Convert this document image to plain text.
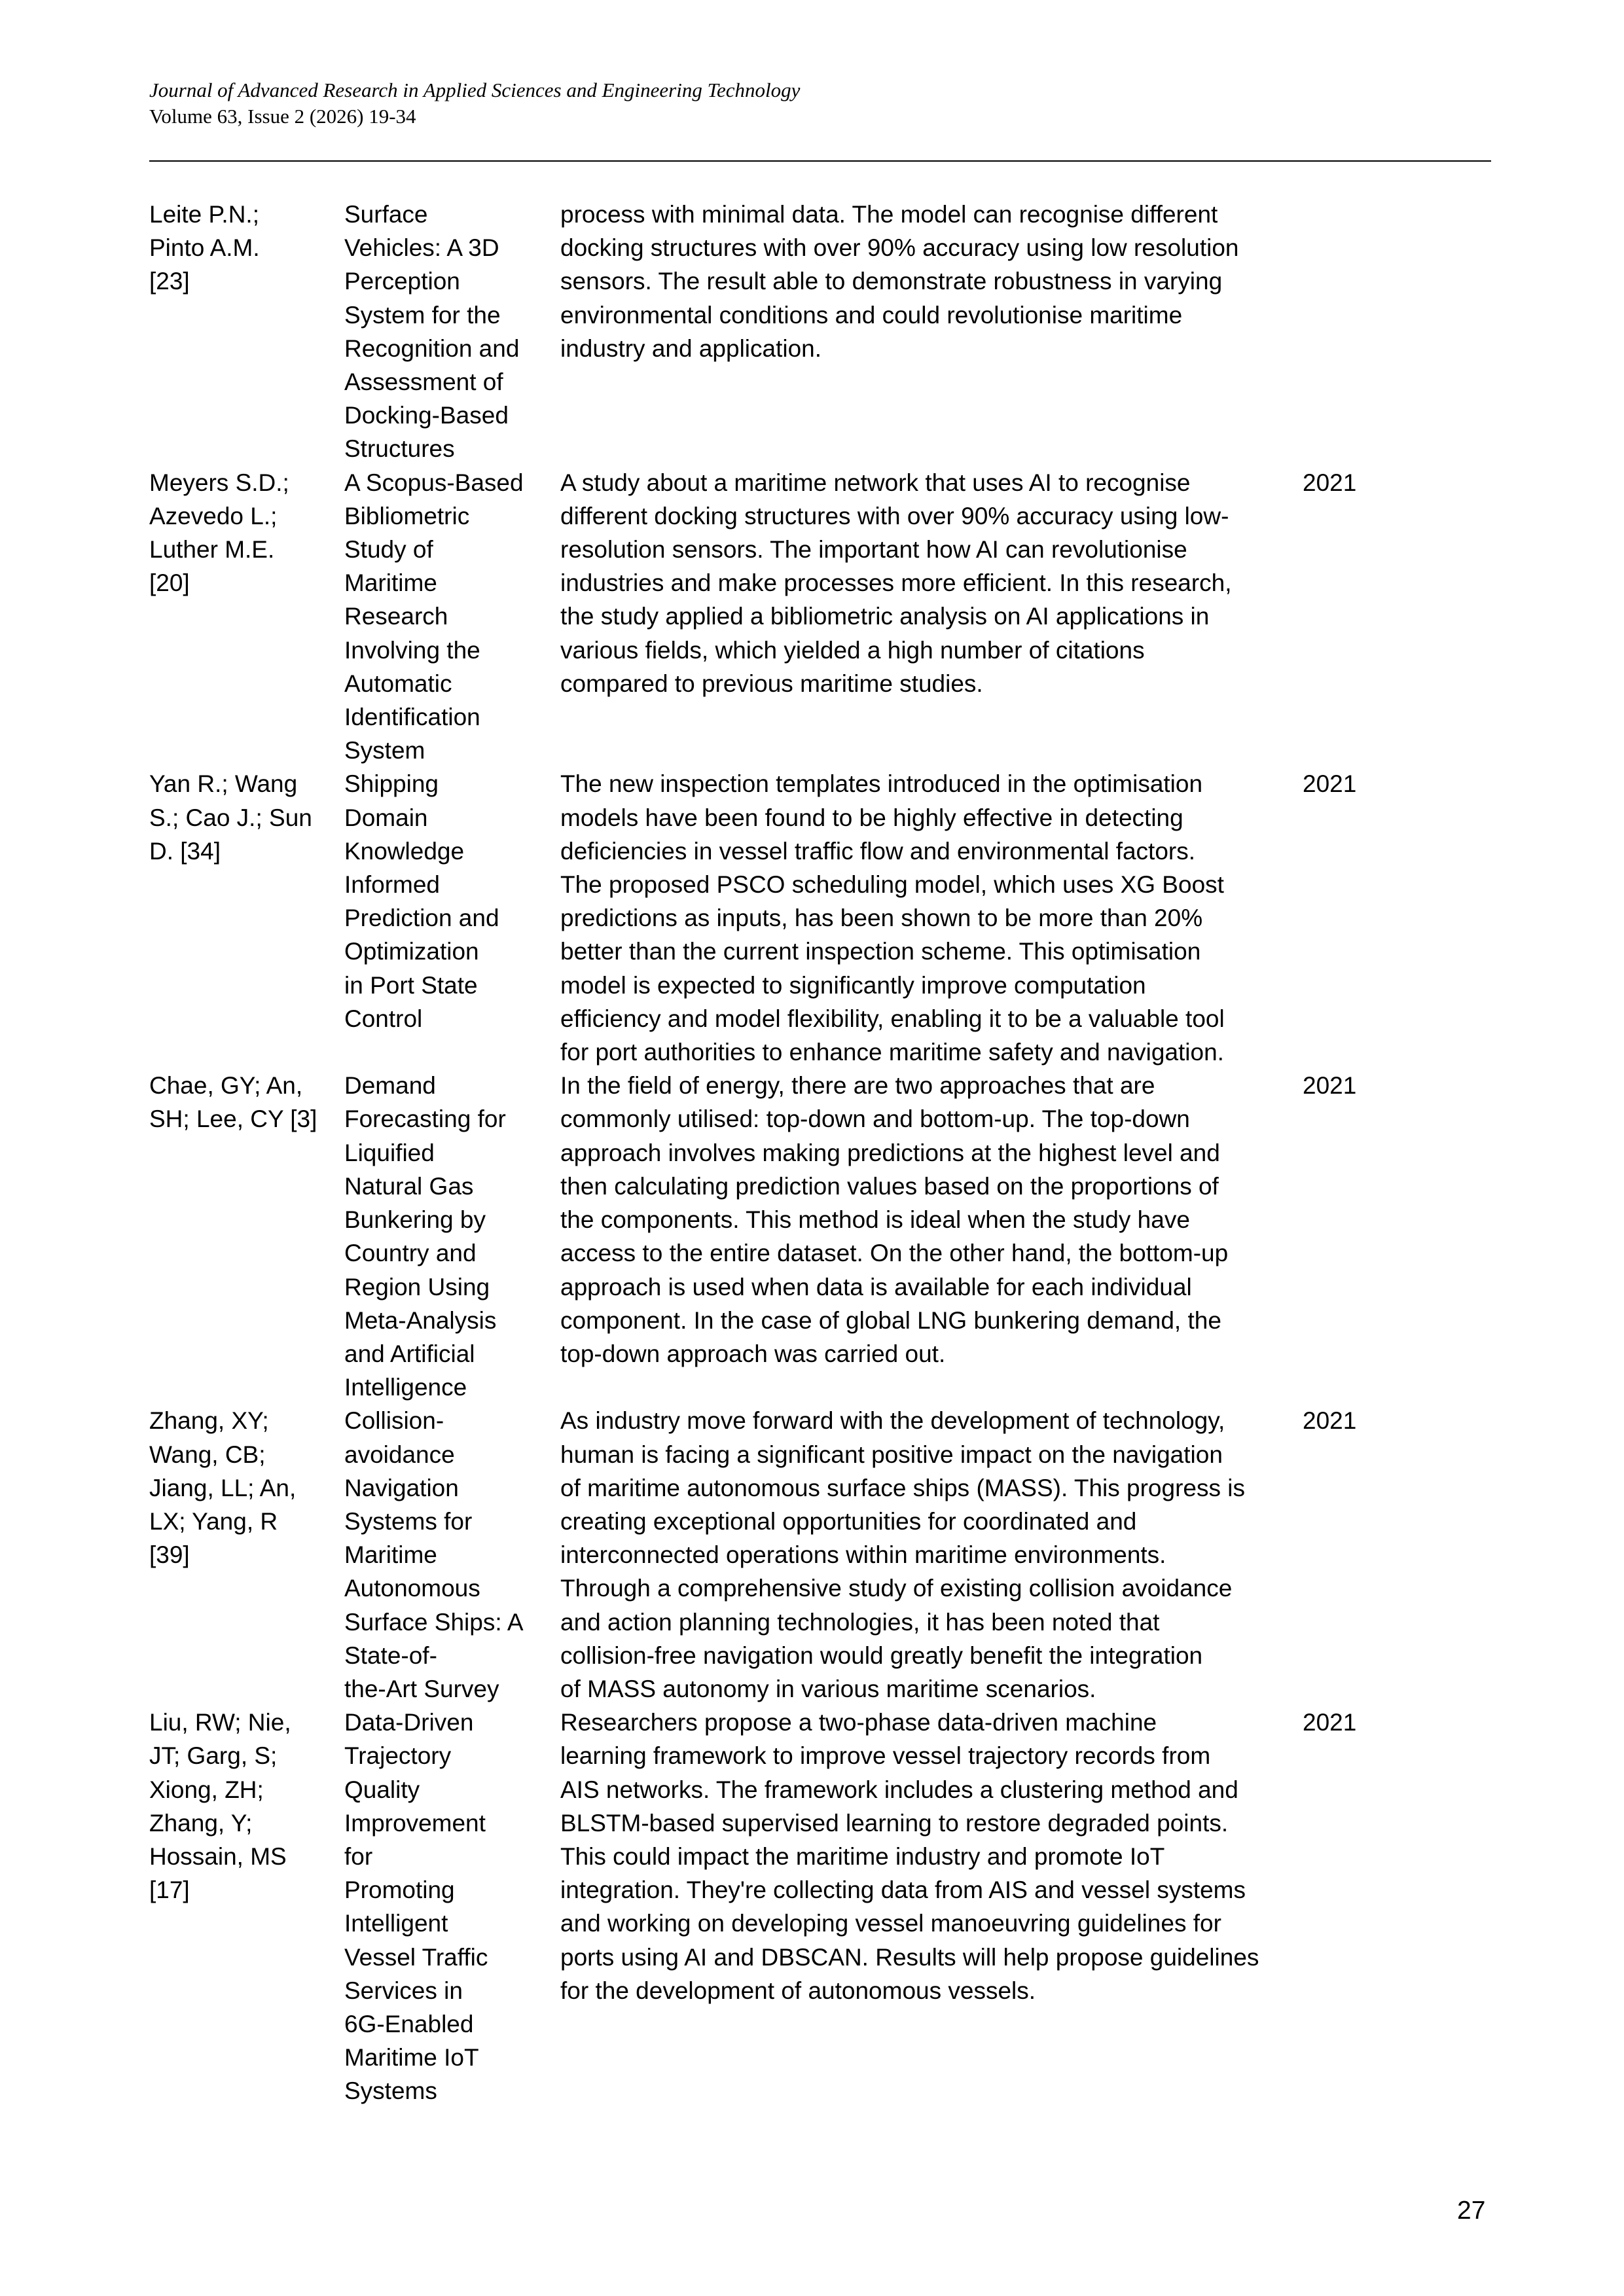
Journal of Advanced Research in Applied Sciences and Engineering Technology
Volume 63, Issue 2 (2026) 19-34
Leite P.N.;
Pinto A.M.
[23]
Surface
Vehicles: A 3D
Perception
System for the
Recognition and
Assessment of
Docking-Based
Structures
process with minimal data. The model can recognise different
docking structures with over 90% accuracy using low resolution
sensors. The result able to demonstrate robustness in varying
environmental conditions and could revolutionise maritime
industry and application.
Meyers S.D.;
Azevedo L.;
Luther M.E.
[20]
A Scopus-Based
Bibliometric
Study of
Maritime
Research
Involving the
Automatic
Identification
System
A study about a maritime network that uses AI to recognise
different docking structures with over 90% accuracy using low-
resolution sensors. The important how AI can revolutionise
industries and make processes more efficient. In this research,
the study applied a bibliometric analysis on AI applications in
various fields, which yielded a high number of citations
compared to previous maritime studies.
2021
Yan R.; Wang
S.; Cao J.; Sun
D. [34]
Shipping
Domain
Knowledge
Informed
Prediction and
Optimization
in Port State
Control
The new inspection templates introduced in the optimisation
models have been found to be highly effective in detecting
deficiencies in vessel traffic flow and environmental factors.
The proposed PSCO scheduling model, which uses XG Boost
predictions as inputs, has been shown to be more than 20%
better than the current inspection scheme. This optimisation
model is expected to significantly improve computation
efficiency and model flexibility, enabling it to be a valuable tool
for port authorities to enhance maritime safety and navigation.
2021
Chae, GY; An,
SH; Lee, CY [3]
Demand
Forecasting for
Liquified
Natural Gas
Bunkering by
Country and
Region Using
Meta-Analysis
and Artificial
Intelligence
In the field of energy, there are two approaches that are
commonly utilised: top-down and bottom-up. The top-down
approach involves making predictions at the highest level and
then calculating prediction values based on the proportions of
the components. This method is ideal when the study have
access to the entire dataset. On the other hand, the bottom-up
approach is used when data is available for each individual
component. In the case of global LNG bunkering demand, the
top-down approach was carried out.
2021
Zhang, XY;
Wang, CB;
Jiang, LL; An,
LX; Yang, R
[39]
Collision-
avoidance
Navigation
Systems for
Maritime
Autonomous
Surface Ships: A
State-of-
the-Art Survey
As industry move forward with the development of technology,
human is facing a significant positive impact on the navigation
of maritime autonomous surface ships (MASS). This progress is
creating exceptional opportunities for coordinated and
interconnected operations within maritime environments.
Through a comprehensive study of existing collision avoidance
and action planning technologies, it has been noted that
collision-free navigation would greatly benefit the integration
of MASS autonomy in various maritime scenarios.
2021
Liu, RW; Nie,
JT; Garg, S;
Xiong, ZH;
Zhang, Y;
Hossain, MS
[17]
Data-Driven
Trajectory
Quality
Improvement
for
Promoting
Intelligent
Vessel Traffic
Services in
6G-Enabled
Maritime IoT
Systems
Researchers propose a two-phase data-driven machine
learning framework to improve vessel trajectory records from
AIS networks. The framework includes a clustering method and
BLSTM-based supervised learning to restore degraded points.
This could impact the maritime industry and promote IoT
integration. They're collecting data from AIS and vessel systems
and working on developing vessel manoeuvring guidelines for
ports using AI and DBSCAN. Results will help propose guidelines
for the development of autonomous vessels.
2021
27
